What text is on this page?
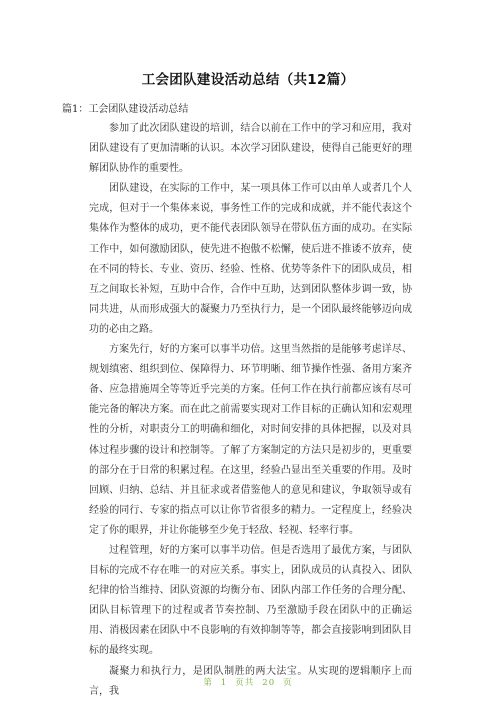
工会团队建设活动总结（共12篇）
篇1：工会团队建设活动总结

参加了此次团队建设的培训，结合以前在工作中的学习和应用，我对团队建设有了更加清晰的认识。本次学习团队建设，使得自己能更好的理解团队协作的重要性。

团队建设，在实际的工作中，某一项具体工作可以由单人或者几个人完成，但对于一个集体来说，事务性工作的完成和成就，并不能代表这个集体作为整体的成功，更不能代表团队领导在带队伍方面的成功。在实际工作中，如何激励团队，使先进不抱傲不松懈，使后进不推诿不放弃，使在不同的特长、专业、资历、经验、性格、优势等条件下的团队成员，相互之间取长补短，互助中合作，合作中互助，达到团队整体步调一致，协同共进，从而形成强大的凝聚力乃至执行力，是一个团队最终能够迈向成功的必由之路。

方案先行，好的方案可以事半功倍。这里当然指的是能够考虑详尽、规划缜密、组织到位、保障得力、环节明晰、细节操作性强、备用方案齐备、应急措施周全等等近乎完美的方案。任何工作在执行前都应该有尽可能完备的解决方案。而在此之前需要实现对工作目标的正确认知和宏观理性的分析，对职责分工的明确和细化，对时间安排的具体把握，以及对具体过程步骤的设计和控制等。了解了方案制定的方法只是初步的，更重要的部分在于日常的积累过程。在这里，经验凸显出至关重要的作用。及时回顾、归纳、总结、并且征求或者借鉴他人的意见和建议，争取领导或有经验的同行、专家的指点可以让你节省很多的精力。一定程度上，经验决定了你的眼界，并让你能够至少免于轻敌、轻视、轻率行事。

过程管理，好的方案可以事半功倍。但是否选用了最优方案，与团队目标的完成不存在唯一的对应关系。事实上，团队成员的认真投入、团队纪律的恰当维持、团队资源的均衡分布、团队内部工作任务的合理分配、团队目标管理下的过程或者节奏控制、乃至激励手段在团队中的正确运用、消极因素在团队中不良影响的有效抑制等等，都会直接影响到团队目标的最终实现。

凝聚力和执行力，是团队制胜的两大法宝。从实现的逻辑顺序上而言，我

第 1 页共 20 页
